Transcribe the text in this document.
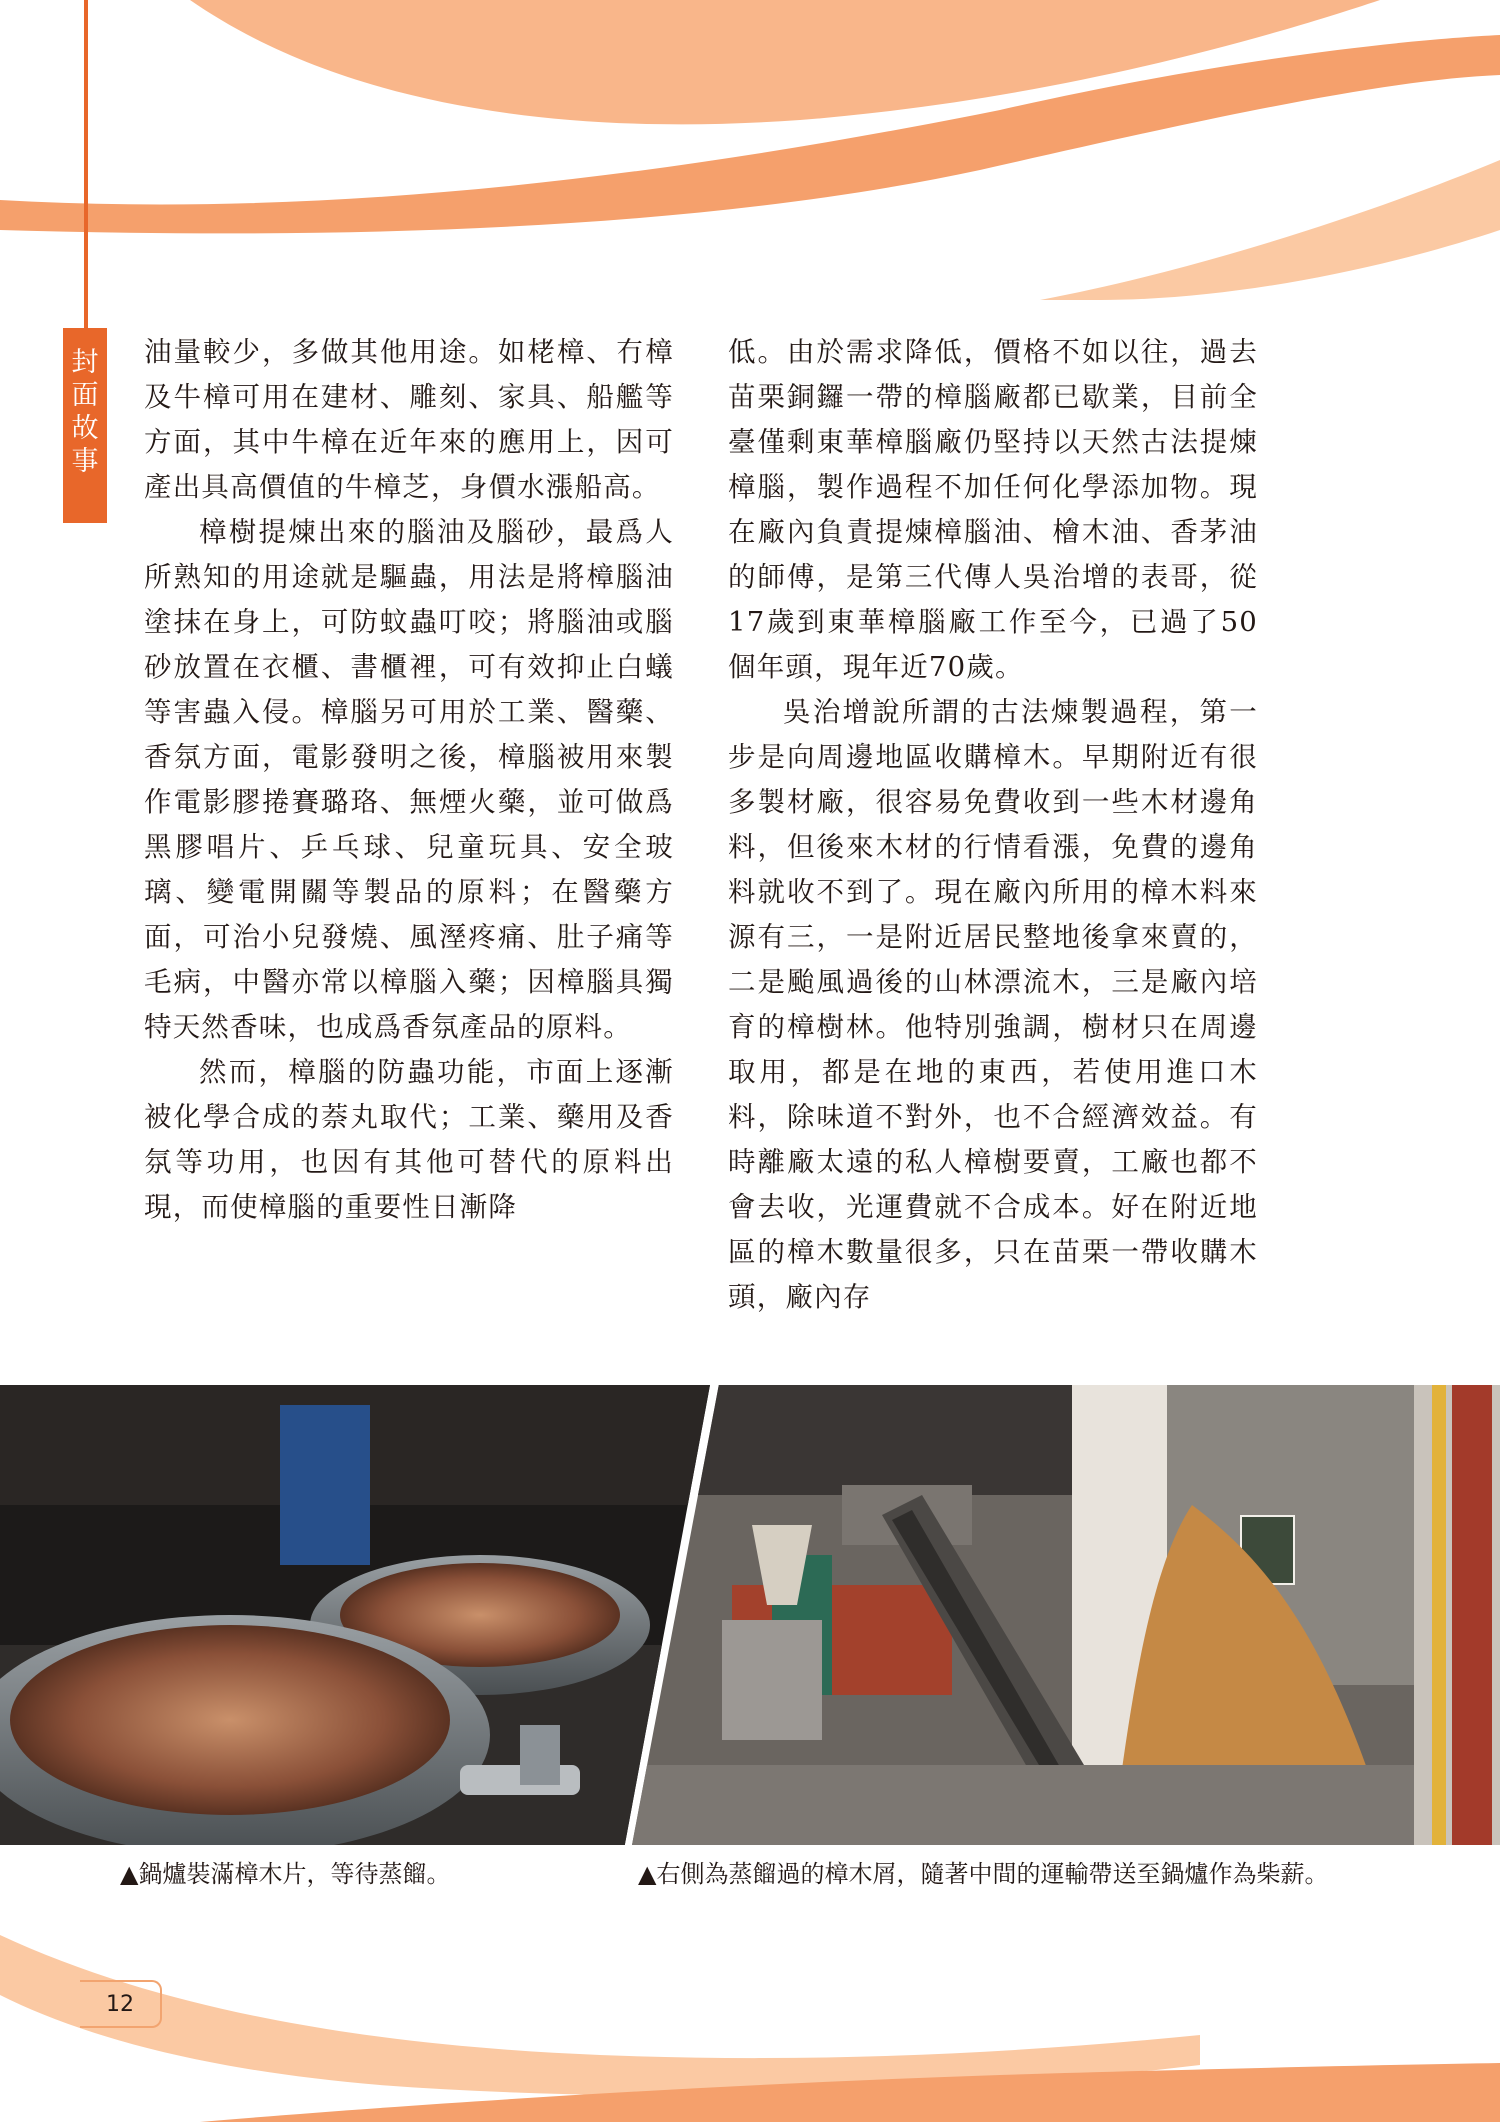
封
面
故
事

油量較少，多做其他用途。如栳樟、冇樟及牛樟可用在建材、雕刻、家具、船艦等方面，其中牛樟在近年來的應用上，因可產出具高價值的牛樟芝，身價水漲船高。

樟樹提煉出來的腦油及腦砂，最爲人所熟知的用途就是驅蟲，用法是將樟腦油塗抹在身上，可防蚊蟲叮咬；將腦油或腦砂放置在衣櫃、書櫃裡，可有效抑止白蟻等害蟲入侵。樟腦另可用於工業、醫藥、香氛方面，電影發明之後，樟腦被用來製作電影膠捲賽璐珞、無煙火藥，並可做爲黑膠唱片、乒乓球、兒童玩具、安全玻璃、變電開關等製品的原料；在醫藥方面，可治小兒發燒、風溼疼痛、肚子痛等毛病，中醫亦常以樟腦入藥；因樟腦具獨特天然香味，也成爲香氛產品的原料。

然而，樟腦的防蟲功能，市面上逐漸被化學合成的萘丸取代；工業、藥用及香氛等功用，也因有其他可替代的原料出現，而使樟腦的重要性日漸降

低。由於需求降低，價格不如以往，過去苗栗銅鑼一帶的樟腦廠都已歇業，目前全臺僅剩東華樟腦廠仍堅持以天然古法提煉樟腦，製作過程不加任何化學添加物。現在廠內負責提煉樟腦油、檜木油、香茅油的師傅，是第三代傳人吳治增的表哥，從17歲到東華樟腦廠工作至今，已過了50個年頭，現年近70歲。

吳治增說所謂的古法煉製過程，第一步是向周邊地區收購樟木。早期附近有很多製材廠，很容易免費收到一些木材邊角料，但後來木材的行情看漲，免費的邊角料就收不到了。現在廠內所用的樟木料來源有三，一是附近居民整地後拿來賣的，二是颱風過後的山林漂流木，三是廠內培育的樟樹林。他特別強調，樹材只在周邊取用，都是在地的東西，若使用進口木料，除味道不對外，也不合經濟效益。有時離廠太遠的私人樟樹要賣，工廠也都不會去收，光運費就不合成本。好在附近地區的樟木數量很多，只在苗栗一帶收購木頭，廠內存

▲鍋爐裝滿樟木片，等待蒸餾。	▲右側為蒸餾過的樟木屑，隨著中間的運輸帶送至鍋爐作為柴薪。
12
